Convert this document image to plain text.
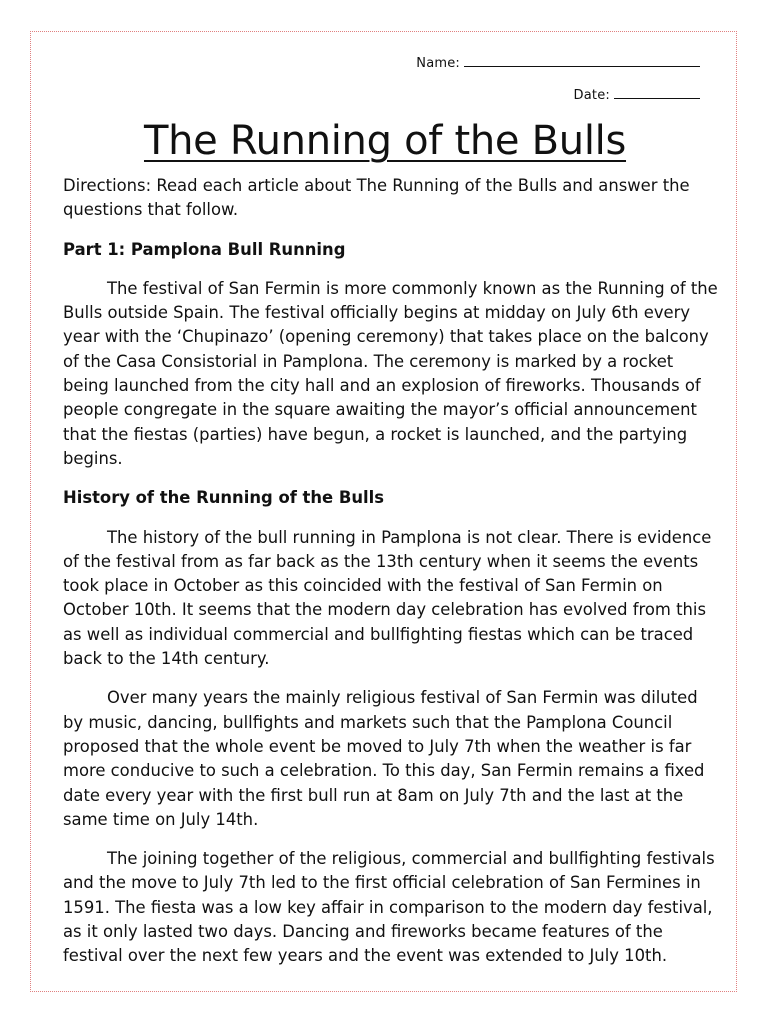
Name:
Date:
The Running of the Bulls

Directions: Read each article about The Running of the Bulls and answer the questions that follow.

Part 1: Pamplona Bull Running

The festival of San Fermin is more commonly known as the Running of the Bulls outside Spain. The festival officially begins at midday on July 6th every year with the ‘Chupinazo’ (opening ceremony) that takes place on the balcony of the Casa Consistorial in Pamplona. The ceremony is marked by a rocket being launched from the city hall and an explosion of fireworks. Thousands of people congregate in the square awaiting the mayor’s official announcement that the fiestas (parties) have begun, a rocket is launched, and the partying begins.

History of the Running of the Bulls

The history of the bull running in Pamplona is not clear. There is evidence of the festival from as far back as the 13th century when it seems the events took place in October as this coincided with the festival of San Fermin on October 10th. It seems that the modern day celebration has evolved from this as well as individual commercial and bullfighting fiestas which can be traced back to the 14th century.

Over many years the mainly religious festival of San Fermin was diluted by music, dancing, bullfights and markets such that the Pamplona Council proposed that the whole event be moved to July 7th when the weather is far more conducive to such a celebration. To this day, San Fermin remains a fixed date every year with the first bull run at 8am on July 7th and the last at the same time on July 14th.

The joining together of the religious, commercial and bullfighting festivals and the move to July 7th led to the first official celebration of San Fermines in 1591. The fiesta was a low key affair in comparison to the modern day festival, as it only lasted two days. Dancing and fireworks became features of the festival over the next few years and the event was extended to July 10th.
